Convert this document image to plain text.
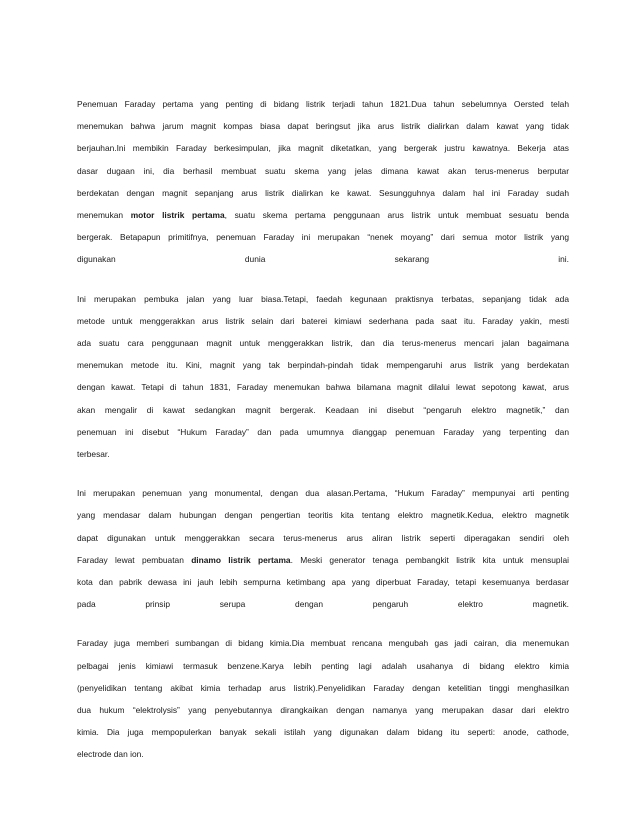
Penemuan Faraday pertama yang penting di bidang listrik terjadi tahun 1821.Dua tahun sebelumnya Oersted telah
menemukan bahwa jarum magnit kompas biasa dapat beringsut jika arus listrik dialirkan dalam kawat yang tidak
berjauhan.Ini membikin Faraday berkesimpulan, jika magnit diketatkan, yang bergerak justru kawatnya. Bekerja atas
dasar dugaan ini, dia berhasil membuat suatu skema yang jelas dimana kawat akan terus-menerus berputar
berdekatan dengan magnit sepanjang arus listrik dialirkan ke kawat. Sesungguhnya dalam hal ini Faraday sudah
menemukan motor listrik pertama, suatu skema pertama penggunaan arus listrik untuk membuat sesuatu benda
bergerak. Betapapun primitifnya, penemuan Faraday ini merupakan “nenek moyang” dari semua motor listrik yang
digunakan dunia sekarang ini.

Ini merupakan pembuka jalan yang luar biasa.Tetapi, faedah kegunaan praktisnya terbatas, sepanjang tidak ada
metode untuk menggerakkan arus listrik selain dari baterei kimiawi sederhana pada saat itu. Faraday yakin, mesti
ada suatu cara penggunaan magnit untuk menggerakkan listrik, dan dia terus-menerus mencari jalan bagaimana
menemukan metode itu. Kini, magnit yang tak berpindah-pindah tidak mempengaruhi arus listrik yang berdekatan
dengan kawat. Tetapi di tahun 1831, Faraday menemukan bahwa bilamana magnit dilalui lewat sepotong kawat, arus
akan mengalir di kawat sedangkan magnit bergerak. Keadaan ini disebut “pengaruh elektro magnetik,” dan
penemuan ini disebut “Hukum Faraday” dan pada umumnya dianggap penemuan Faraday yang terpenting dan
terbesar.

Ini merupakan penemuan yang monumental, dengan dua alasan.Pertama, “Hukum Faraday” mempunyai arti penting
yang mendasar dalam hubungan dengan pengertian teoritis kita tentang elektro magnetik.Kedua, elektro magnetik
dapat digunakan untuk menggerakkan secara terus-menerus arus aliran listrik seperti diperagakan sendiri oleh
Faraday lewat pembuatan dinamo listrik pertama. Meski generator tenaga pembangkit listrik kita untuk mensuplai
kota dan pabrik dewasa ini jauh lebih sempurna ketimbang apa yang diperbuat Faraday, tetapi kesemuanya berdasar
pada prinsip serupa dengan pengaruh elektro magnetik.

Faraday juga memberi sumbangan di bidang kimia.Dia membuat rencana mengubah gas jadi cairan, dia menemukan
pelbagai jenis kimiawi termasuk benzene.Karya lebih penting lagi adalah usahanya di bidang elektro kimia
(penyelidikan tentang akibat kimia terhadap arus listrik).Penyelidikan Faraday dengan ketelitian tinggi menghasilkan
dua hukum “elektrolysis” yang penyebutannya dirangkaikan dengan namanya yang merupakan dasar dari elektro
kimia. Dia juga mempopulerkan banyak sekali istilah yang digunakan dalam bidang itu seperti: anode, cathode,
electrode dan ion.
